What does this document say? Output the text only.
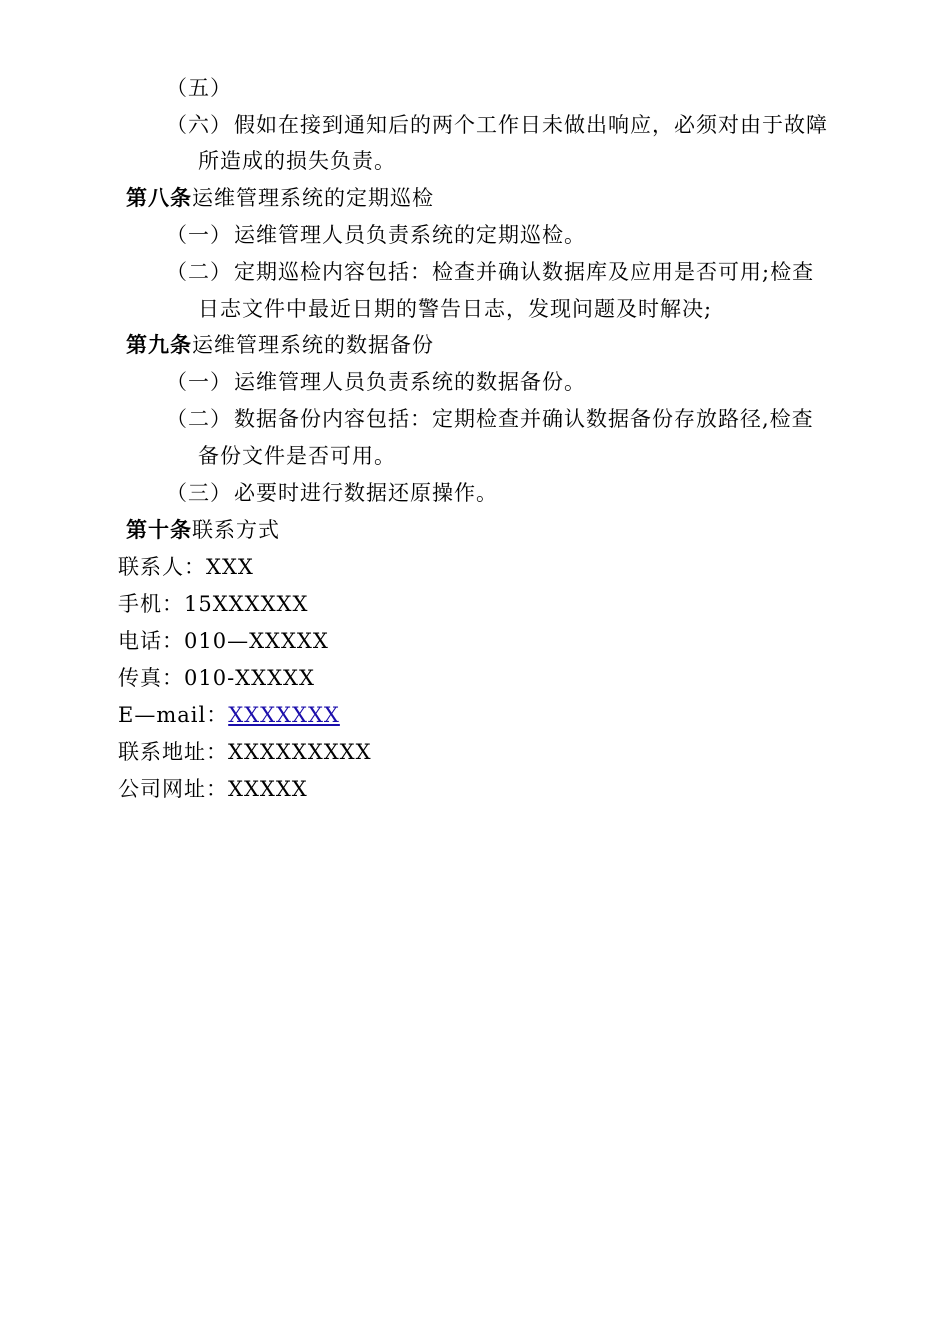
（五）
（六）假如在接到通知后的两个工作日未做出响应，必须对由于故障
所造成的损失负责。
第八条运维管理系统的定期巡检
（一）运维管理人员负责系统的定期巡检。
（二）定期巡检内容包括：检查并确认数据库及应用是否可用;检查
日志文件中最近日期的警告日志，发现问题及时解决;
第九条运维管理系统的数据备份
（一）运维管理人员负责系统的数据备份。
（二）数据备份内容包括：定期检查并确认数据备份存放路径,检查
备份文件是否可用。
（三）必要时进行数据还原操作。
第十条联系方式
联系人：XXX
手机：15XXXXXX
电话：010—XXXXX
传真：010-XXXXX
E—mail：XXXXXXX
联系地址：XXXXXXXXX
公司网址：XXXXX
